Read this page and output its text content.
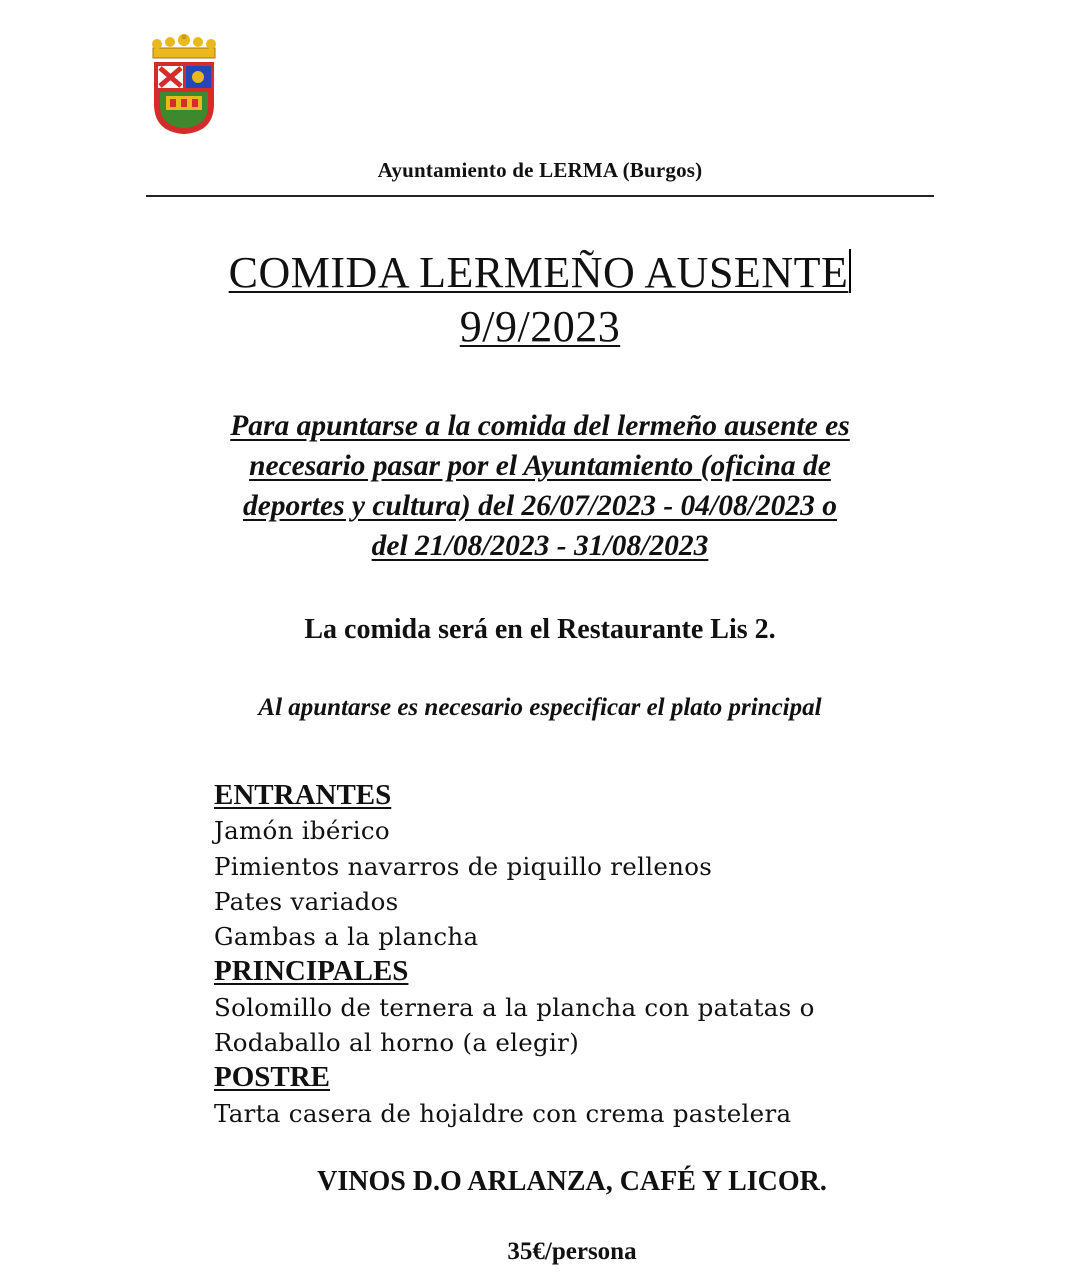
Ayuntamiento de LERMA (Burgos)
COMIDA LERMEÑO AUSENTE
9/9/2023
Para apuntarse a la comida del lermeño ausente es
necesario pasar por el Ayuntamiento (oficina de
deportes y cultura) del 26/07/2023 - 04/08/2023 o
del 21/08/2023 - 31/08/2023
La comida será en el Restaurante Lis 2.
Al apuntarse es necesario especificar el plato principal
ENTRANTES
Jamón ibérico
Pimientos navarros de piquillo rellenos
Pates variados
Gambas a la plancha
PRINCIPALES
Solomillo de ternera a la plancha con patatas o
Rodaballo al horno (a elegir)
POSTRE
Tarta casera de hojaldre con crema pastelera
VINOS D.O ARLANZA, CAFÉ Y LICOR.
35€/persona
